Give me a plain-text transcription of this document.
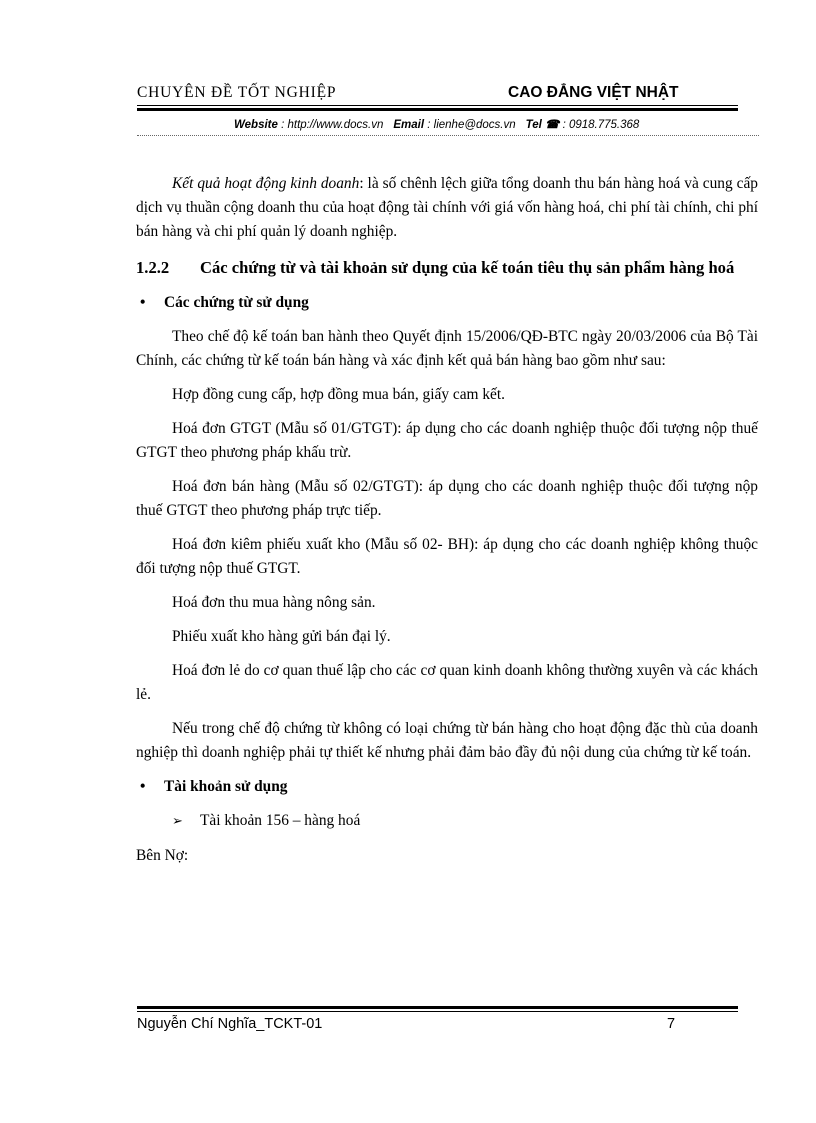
CHUYÊN ĐỀ TỐT NGHIỆP	CAO ĐẲNG VIỆT NHẬT
Website : http://www.docs.vn Email : lienhe@docs.vn Tel ☎ : 0918.775.368

Kết quả hoạt động kinh doanh: là số chênh lệch giữa tổng doanh thu bán hàng hoá và cung cấp dịch vụ thuần cộng doanh thu của hoạt động tài chính với giá vốn hàng hoá, chi phí tài chính, chi phí bán hàng và chi phí quản lý doanh nghiệp.

1.2.2	Các chứng từ và tài khoản sử dụng của kế toán tiêu thụ sản phẩm hàng hoá
• Các chứng từ sử dụng

Theo chế độ kế toán ban hành theo Quyết định 15/2006/QĐ-BTC ngày 20/03/2006 của Bộ Tài Chính, các chứng từ kế toán bán hàng và xác định kết quả bán hàng bao gồm như sau:

Hợp đồng cung cấp, hợp đồng mua bán, giấy cam kết.

Hoá đơn GTGT (Mẫu số 01/GTGT): áp dụng cho các doanh nghiệp thuộc đối tượng nộp thuế GTGT theo phương pháp khấu trừ.

Hoá đơn bán hàng (Mẫu số 02/GTGT): áp dụng cho các doanh nghiệp thuộc đối tượng nộp thuế GTGT theo phương pháp trực tiếp.

Hoá đơn kiêm phiếu xuất kho (Mẫu số 02- BH): áp dụng cho các doanh nghiệp không thuộc đối tượng nộp thuế GTGT.

Hoá đơn thu mua hàng nông sản.

Phiếu xuất kho hàng gửi bán đại lý.

Hoá đơn lẻ do cơ quan thuế lập cho các cơ quan kinh doanh không thường xuyên và các khách lẻ.

Nếu trong chế độ chứng từ không có loại chứng từ bán hàng cho hoạt động đặc thù của doanh nghiệp thì doanh nghiệp phải tự thiết kế nhưng phải đảm bảo đầy đủ nội dung của chứng từ kế toán.

• Tài khoản sử dụng
➢ Tài khoản 156 – hàng hoá

Bên Nợ:

Nguyễn Chí Nghĩa_TCKT-01	7
